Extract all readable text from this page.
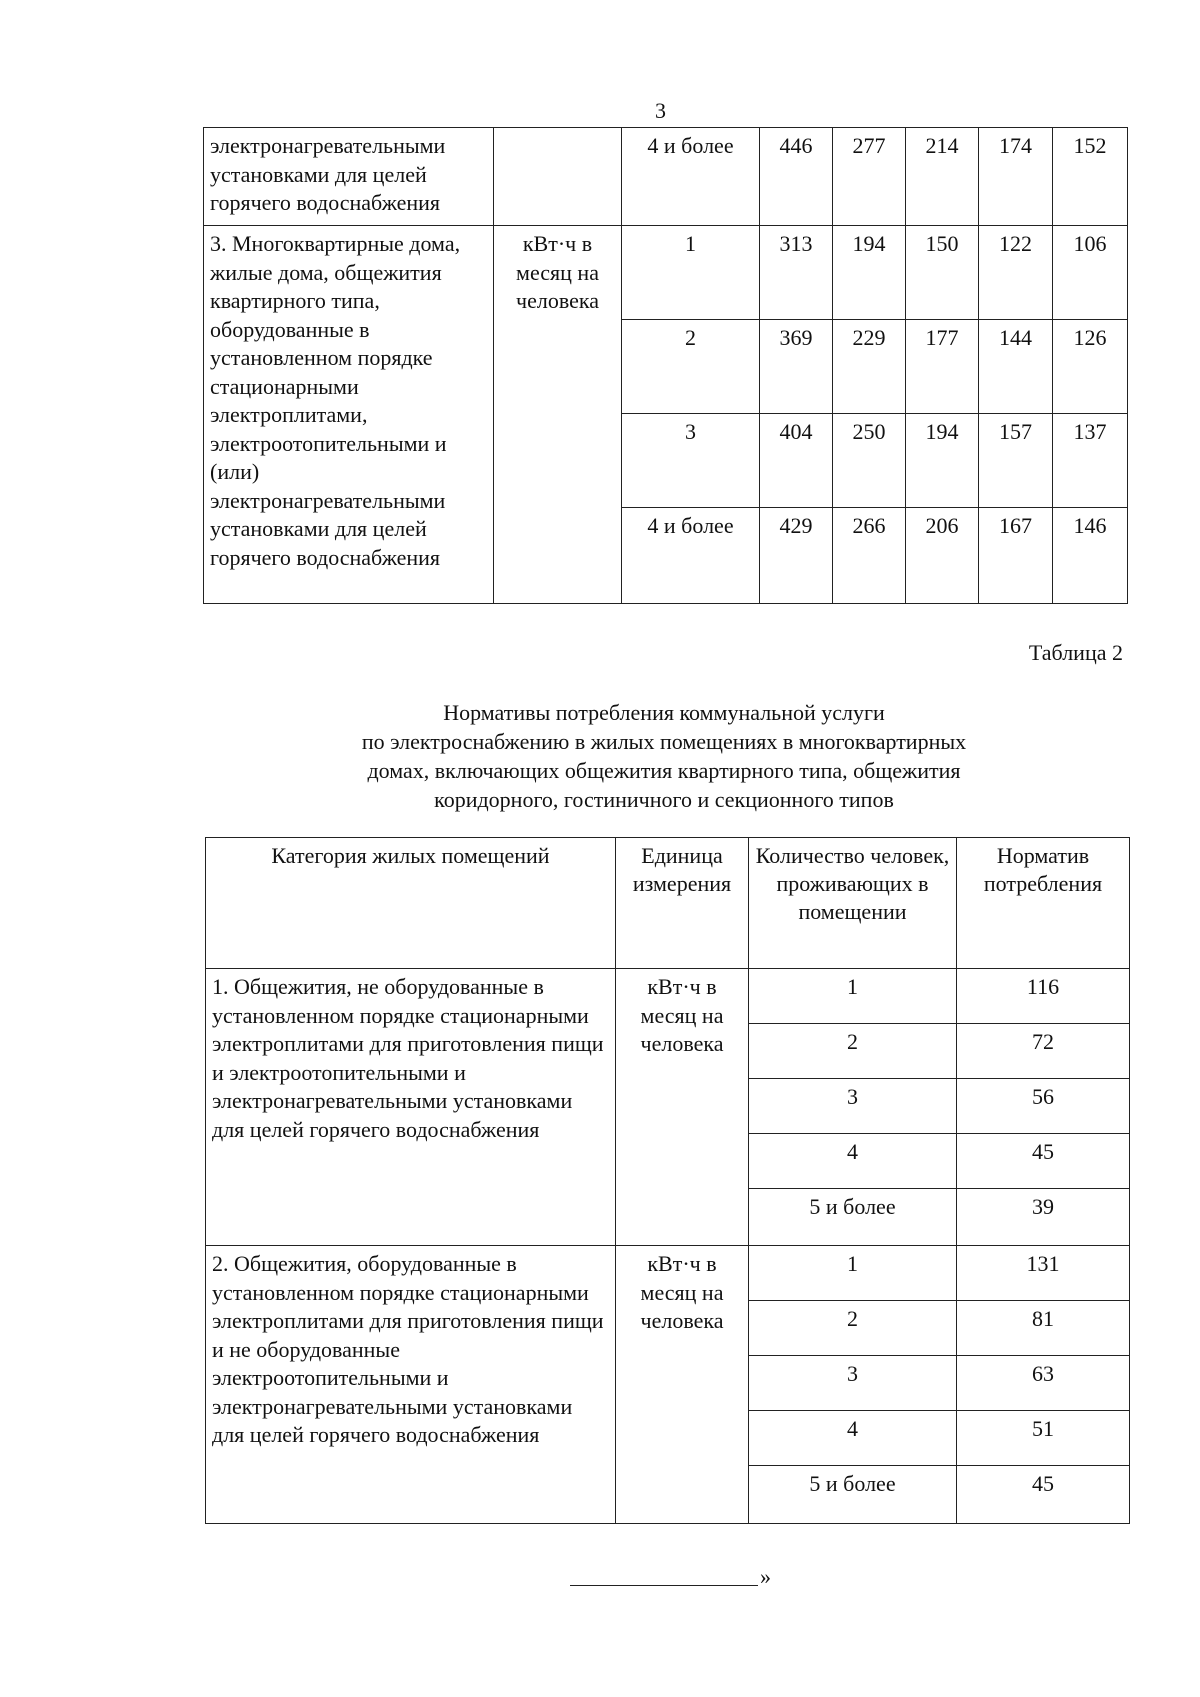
3
электронагревательными установками для целей горячего водоснабжения		4 и более	446	277	214	174	152
3. Многоквартирные дома, жилые дома, общежития квартирного типа, оборудованные в установленном порядке стационарными электроплитами, электроотопительными и (или) электронагревательными установками для целей горячего водоснабжения	кВт·ч в месяц на человека	1	313	194	150	122	106
		2	369	229	177	144	126
		3	404	250	194	157	137
		4 и более	429	266	206	167	146
Таблица 2
Нормативы потребления коммунальной услуги
по электроснабжению в жилых помещениях в многоквартирных
домах, включающих общежития квартирного типа, общежития
коридорного, гостиничного и секционного типов
Категория жилых помещений	Единица измерения	Количество человек, проживающих в помещении	Норматив потребления
1. Общежития, не оборудованные в установленном порядке стационарными электроплитами для приготовления пищи и электроотопительными и электронагревательными установками для целей горячего водоснабжения	кВт·ч в месяц на человека	1	116
		2	72
		3	56
		4	45
		5 и более	39
2. Общежития, оборудованные в установленном порядке стационарными электроплитами для приготовления пищи и не оборудованные электроотопительными и электронагревательными установками для целей горячего водоснабжения	кВт·ч в месяц на человека	1	131
		2	81
		3	63
		4	51
		5 и более	45
»
